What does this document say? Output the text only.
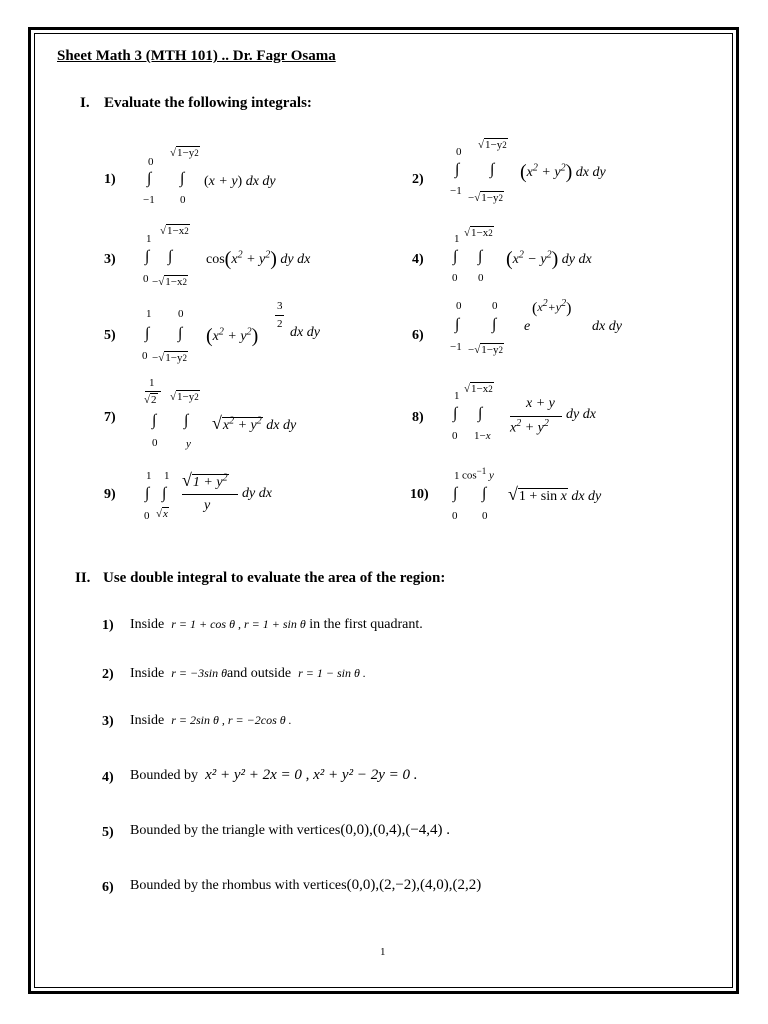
Sheet Math 3 (MTH 101) .. Dr. Fagr Osama
I. Evaluate the following integrals:
1)
0
∫
−1
√1−y2
∫
0
(x + y) dx dy	2)
0
∫
−1
√1−y2
∫
−√1−y2
$(x^2 + y^2)$ dx dy
3)
1
∫
0
√1−x2
∫
−√1−x2
$\cos(x^2 + y^2)$ dy dx	4)
1
∫
0
√1−x2
∫
0
$(x^2 - y^2)$ dy dx
5)
1
∫
0
0
∫
−√1−y2
$(x^2 + y^2)$
3
2
dx dy	6)
0
∫
−1
0
∫
−√1−y2
e
$(x^2+y^2)$
dx dy
7)
1
√2
∫
0
√1−y2
∫
y
$√x^2 + y^2$ dx dy
8)
1
∫
0
√1−x2
∫
1−x
x + y
$x^2 + y^2$
dy dx
9)
1
∫
0
1
∫
√x
$√1 + y^2$
y
dy dx	10)
1
∫
0
$\cos^{-1} y$
∫
0
√1 + sin x dx dy
II. Use double integral to evaluate the area of the region:
1) Inside r = 1 + cos θ , r = 1 + sin θ in the first quadrant.
2) Inside r = −3sin θand outside r = 1 − sin θ .
3) Inside r = 2sin θ , r = −2cos θ .
4) Bounded by x² + y² + 2x = 0 , x² + y² − 2y = 0 .
5) Bounded by the triangle with vertices(0,0),(0,4),(−4,4) .
6) Bounded by the rhombus with vertices(0,0),(2,−2),(4,0),(2,2)
1
